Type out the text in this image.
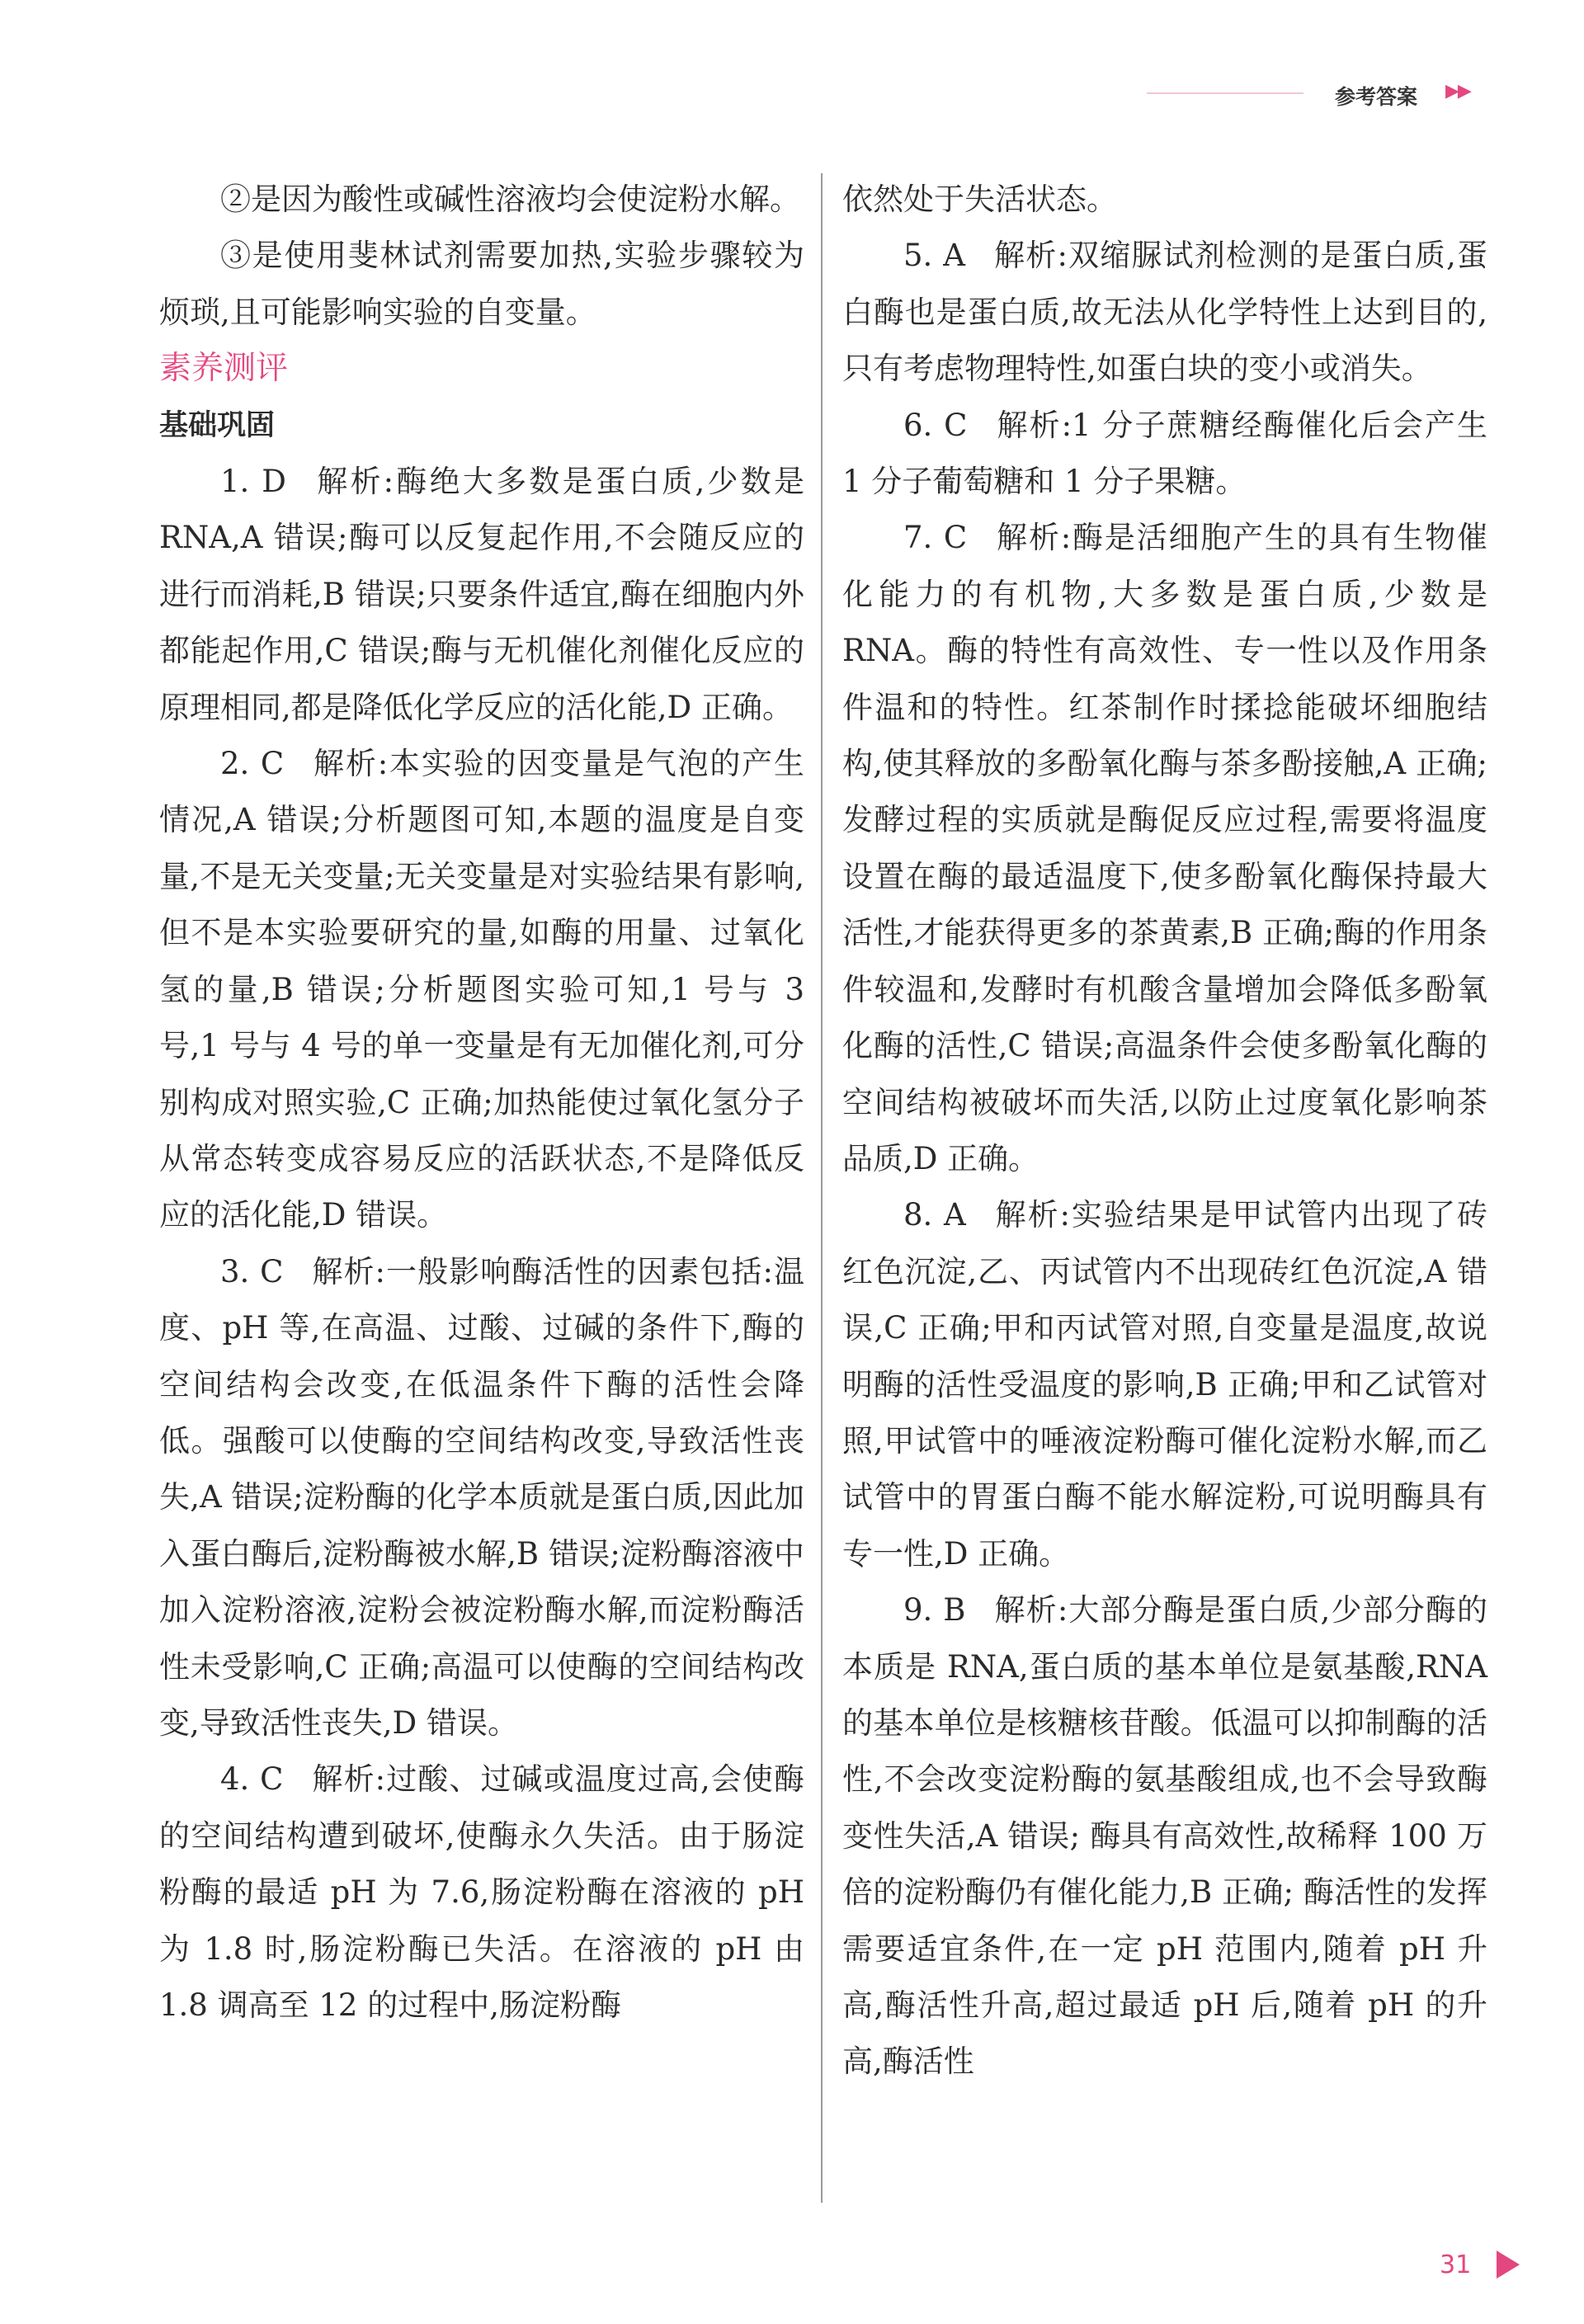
参考答案 ▶▶

②是因为酸性或碱性溶液均会使淀粉水解。

③是使用斐林试剂需要加热,实验步骤较为烦琐,且可能影响实验的自变量。

素养测评

基础巩固

1. D 解析:酶绝大多数是蛋白质,少数是 RNA,A 错误;酶可以反复起作用,不会随反应的进行而消耗,B 错误;只要条件适宜,酶在细胞内外都能起作用,C 错误;酶与无机催化剂催化反应的原理相同,都是降低化学反应的活化能,D 正确。

2. C 解析:本实验的因变量是气泡的产生情况,A 错误;分析题图可知,本题的温度是自变量,不是无关变量;无关变量是对实验结果有影响,但不是本实验要研究的量,如酶的用量、过氧化氢的量,B 错误;分析题图实验可知,1 号与 3 号,1 号与 4 号的单一变量是有无加催化剂,可分别构成对照实验,C 正确;加热能使过氧化氢分子从常态转变成容易反应的活跃状态,不是降低反应的活化能,D 错误。

3. C 解析:一般影响酶活性的因素包括:温度、pH 等,在高温、过酸、过碱的条件下,酶的空间结构会改变,在低温条件下酶的活性会降低。强酸可以使酶的空间结构改变,导致活性丧失,A 错误;淀粉酶的化学本质就是蛋白质,因此加入蛋白酶后,淀粉酶被水解,B 错误;淀粉酶溶液中加入淀粉溶液,淀粉会被淀粉酶水解,而淀粉酶活性未受影响,C 正确;高温可以使酶的空间结构改变,导致活性丧失,D 错误。

4. C 解析:过酸、过碱或温度过高,会使酶的空间结构遭到破坏,使酶永久失活。由于肠淀粉酶的最适 pH 为 7.6,肠淀粉酶在溶液的 pH 为 1.8 时,肠淀粉酶已失活。在溶液的 pH 由 1.8 调高至 12 的过程中,肠淀粉酶

依然处于失活状态。

5. A 解析:双缩脲试剂检测的是蛋白质,蛋白酶也是蛋白质,故无法从化学特性上达到目的,只有考虑物理特性,如蛋白块的变小或消失。

6. C 解析:1 分子蔗糖经酶催化后会产生 1 分子葡萄糖和 1 分子果糖。

7. C 解析:酶是活细胞产生的具有生物催化能力的有机物,大多数是蛋白质,少数是 RNA。酶的特性有高效性、专一性以及作用条件温和的特性。红茶制作时揉捻能破坏细胞结构,使其释放的多酚氧化酶与茶多酚接触,A 正确;发酵过程的实质就是酶促反应过程,需要将温度设置在酶的最适温度下,使多酚氧化酶保持最大活性,才能获得更多的茶黄素,B 正确;酶的作用条件较温和,发酵时有机酸含量增加会降低多酚氧化酶的活性,C 错误;高温条件会使多酚氧化酶的空间结构被破坏而失活,以防止过度氧化影响茶品质,D 正确。

8. A 解析:实验结果是甲试管内出现了砖红色沉淀,乙、丙试管内不出现砖红色沉淀,A 错误,C 正确;甲和丙试管对照,自变量是温度,故说明酶的活性受温度的影响,B 正确;甲和乙试管对照,甲试管中的唾液淀粉酶可催化淀粉水解,而乙试管中的胃蛋白酶不能水解淀粉,可说明酶具有专一性,D 正确。

9. B 解析:大部分酶是蛋白质,少部分酶的本质是 RNA,蛋白质的基本单位是氨基酸,RNA 的基本单位是核糖核苷酸。低温可以抑制酶的活性,不会改变淀粉酶的氨基酸组成,也不会导致酶变性失活,A 错误; 酶具有高效性,故稀释 100 万倍的淀粉酶仍有催化能力,B 正确; 酶活性的发挥需要适宜条件,在一定 pH 范围内,随着 pH 升高,酶活性升高,超过最适 pH 后,随着 pH 的升高,酶活性

31
